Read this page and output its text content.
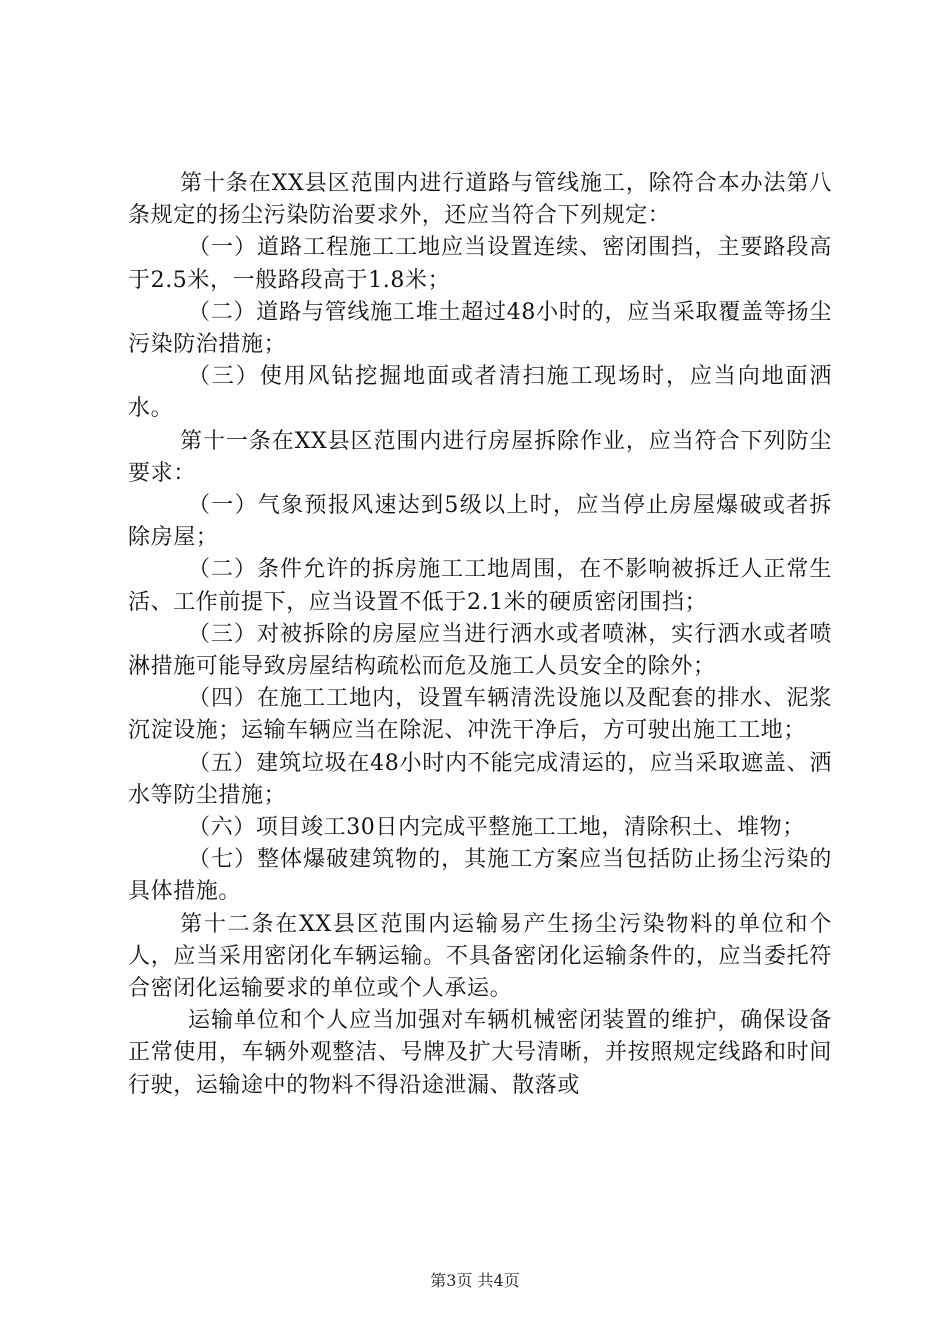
第十条在XX县区范围内进行道路与管线施工，除符合本办法第八条规定的扬尘污染防治要求外，还应当符合下列规定：

（一）道路工程施工工地应当设置连续、密闭围挡，主要路段高于2.5米，一般路段高于1.8米；

（二）道路与管线施工堆土超过48小时的，应当采取覆盖等扬尘污染防治措施；

（三）使用风钻挖掘地面或者清扫施工现场时，应当向地面洒水。

第十一条在XX县区范围内进行房屋拆除作业，应当符合下列防尘要求：

（一）气象预报风速达到5级以上时，应当停止房屋爆破或者拆除房屋；

（二）条件允许的拆房施工工地周围，在不影响被拆迁人正常生活、工作前提下，应当设置不低于2.1米的硬质密闭围挡；

（三）对被拆除的房屋应当进行洒水或者喷淋，实行洒水或者喷淋措施可能导致房屋结构疏松而危及施工人员安全的除外；

（四）在施工工地内，设置车辆清洗设施以及配套的排水、泥浆沉淀设施；运输车辆应当在除泥、冲洗干净后，方可驶出施工工地；

（五）建筑垃圾在48小时内不能完成清运的，应当采取遮盖、洒水等防尘措施；

（六）项目竣工30日内完成平整施工工地，清除积土、堆物；

（七）整体爆破建筑物的，其施工方案应当包括防止扬尘污染的具体措施。

第十二条在XX县区范围内运输易产生扬尘污染物料的单位和个人，应当采用密闭化车辆运输。不具备密闭化运输条件的，应当委托符合密闭化运输要求的单位或个人承运。

运输单位和个人应当加强对车辆机械密闭装置的维护，确保设备正常使用，车辆外观整洁、号牌及扩大号清晰，并按照规定线路和时间行驶，运输途中的物料不得沿途泄漏、散落或

第3页 共4页
